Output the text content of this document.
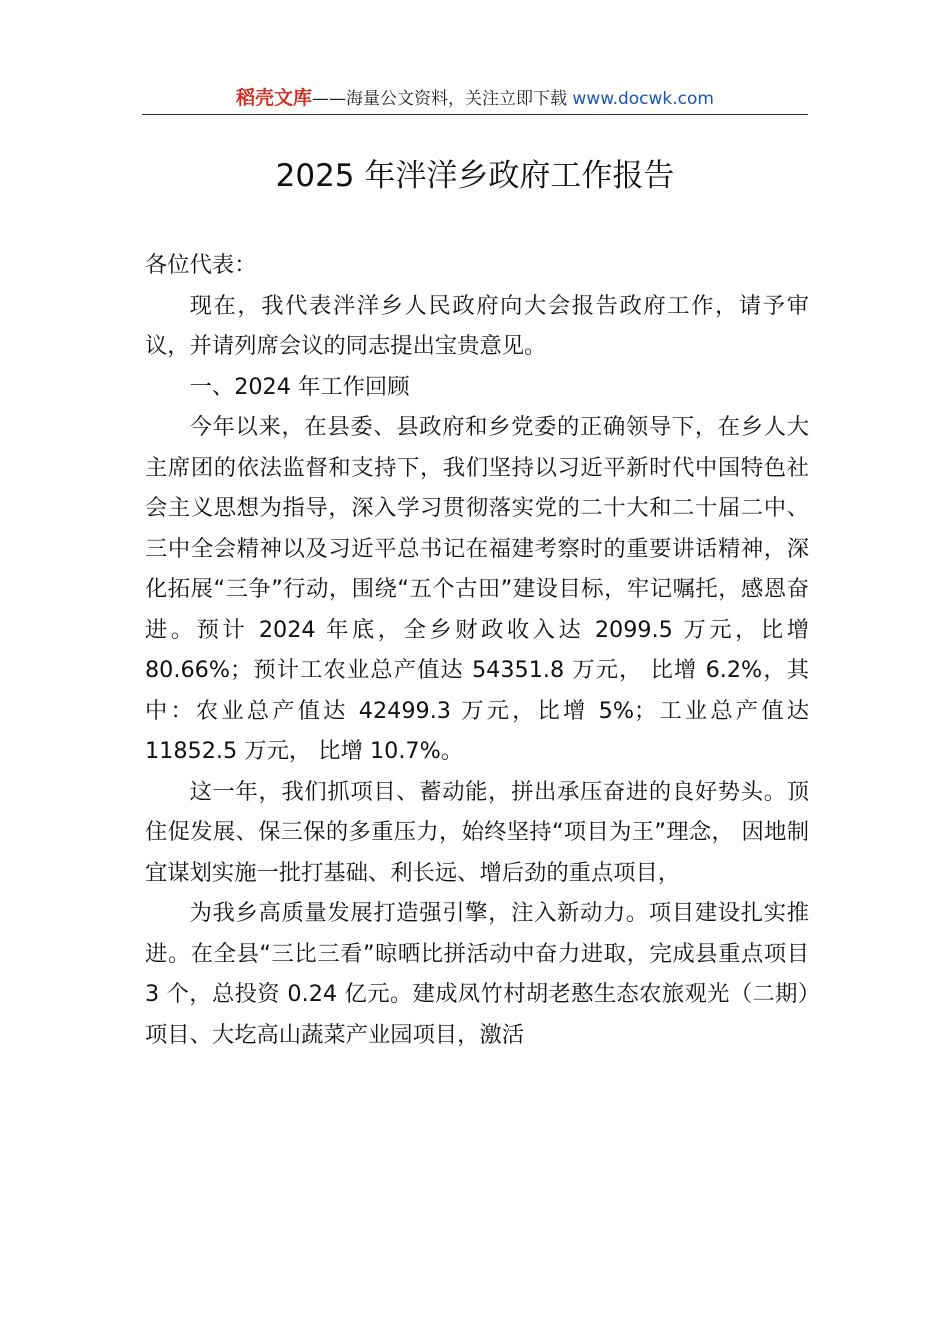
稻壳文库——海量公文资料，关注立即下载 www.docwk.com
2025 年泮洋乡政府工作报告

各位代表：

现在，我代表泮洋乡人民政府向大会报告政府工作，请予审议，并请列席会议的同志提出宝贵意见。

一、2024 年工作回顾

今年以来，在县委、县政府和乡党委的正确领导下，在乡人大主席团的依法监督和支持下，我们坚持以习近平新时代中国特色社会主义思想为指导，深入学习贯彻落实党的二十大和二十届二中、三中全会精神以及习近平总书记在福建考察时的重要讲话精神，深化拓展“三争”行动，围绕“五个古田”建设目标，牢记嘱托，感恩奋进。预计 2024 年底，全乡财政收入达 2099.5 万元，比增 80.66%；预计工农业总产值达 54351.8 万元， 比增 6.2%，其中：农业总产值达 42499.3 万元，比增 5%；工业总产值达 11852.5 万元， 比增 10.7%。

这一年，我们抓项目、蓄动能，拼出承压奋进的良好势头。顶住促发展、保三保的多重压力，始终坚持“项目为王”理念， 因地制宜谋划实施一批打基础、利长远、增后劲的重点项目，

为我乡高质量发展打造强引擎，注入新动力。项目建设扎实推进。在全县“三比三看”晾晒比拼活动中奋力进取，完成县重点项目 3 个，总投资 0.24 亿元。建成凤竹村胡老憨生态农旅观光（二期）项目、大圪高山蔬菜产业园项目，激活
